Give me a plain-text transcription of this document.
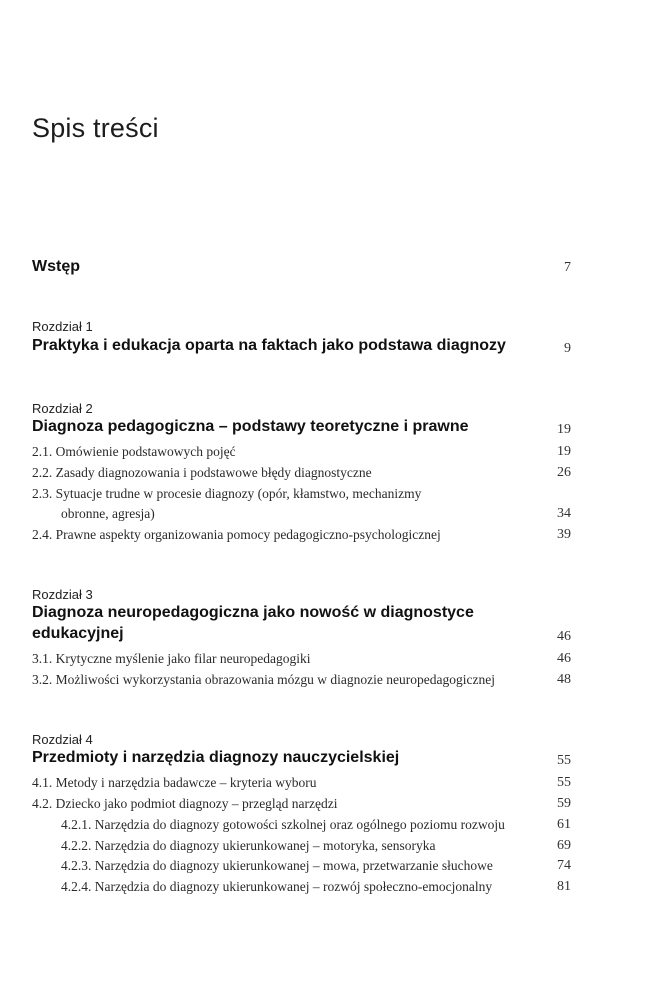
Spis treści
Wstęp	7
Rozdział 1
Praktyka i edukacja oparta na faktach jako podstawa diagnozy	9
Rozdział 2
Diagnoza pedagogiczna – podstawy teoretyczne i prawne	19
2.1. Omówienie podstawowych pojęć	19
2.2. Zasady diagnozowania i podstawowe błędy diagnostyczne	26
2.3. Sytuacje trudne w procesie diagnozy (opór, kłamstwo, mechanizmy
obronne, agresja)	34
2.4. Prawne aspekty organizowania pomocy pedagogiczno-psychologicznej	39
Rozdział 3
Diagnoza neuropedagogiczna jako nowość w diagnostyce
edukacyjnej	46
3.1. Krytyczne myślenie jako filar neuropedagogiki	46
3.2. Możliwości wykorzystania obrazowania mózgu w diagnozie neuropedagogicznej	48
Rozdział 4
Przedmioty i narzędzia diagnozy nauczycielskiej	55
4.1. Metody i narzędzia badawcze – kryteria wyboru	55
4.2. Dziecko jako podmiot diagnozy – przegląd narzędzi	59
4.2.1. Narzędzia do diagnozy gotowości szkolnej oraz ogólnego poziomu rozwoju	61
4.2.2. Narzędzia do diagnozy ukierunkowanej – motoryka, sensoryka	69
4.2.3. Narzędzia do diagnozy ukierunkowanej – mowa, przetwarzanie słuchowe	74
4.2.4. Narzędzia do diagnozy ukierunkowanej – rozwój społeczno-emocjonalny	81
